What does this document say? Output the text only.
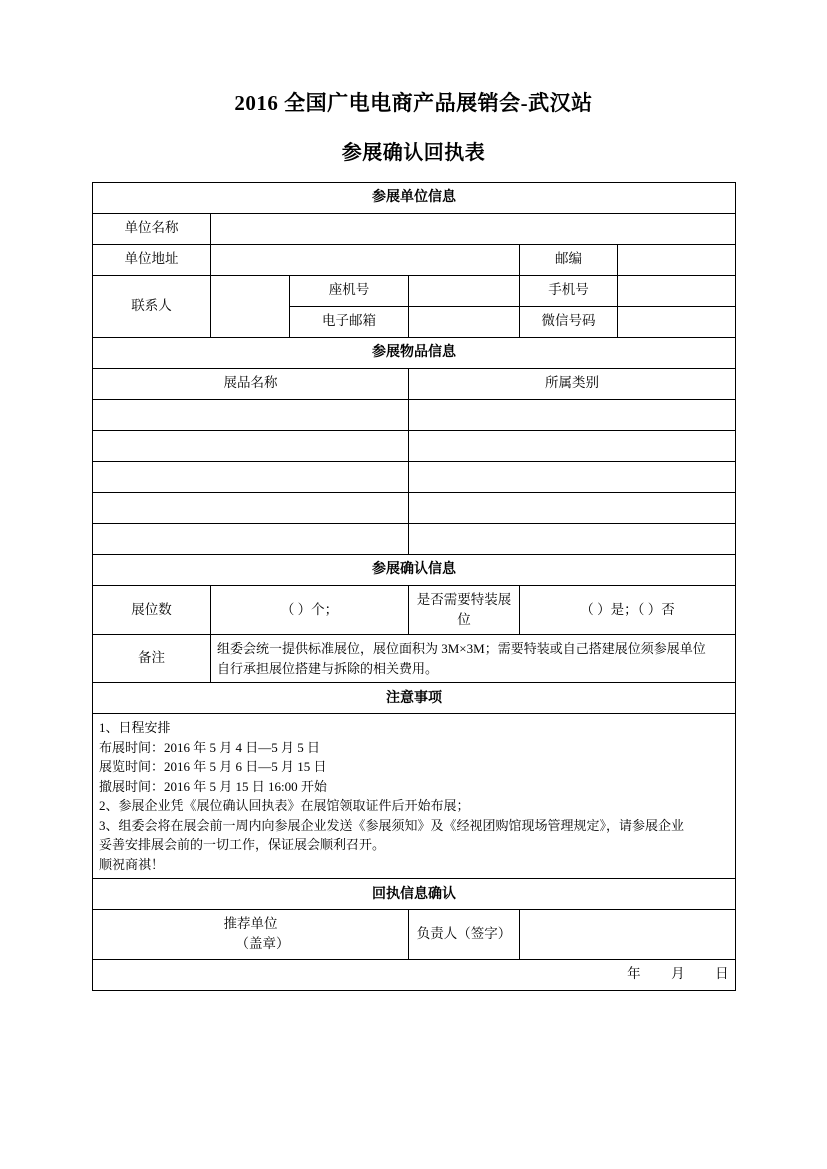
2016 全国广电电商产品展销会-武汉站
参展确认回执表
参展单位信息					
单位名称					
单位地址				邮编	
联系人		座机号		手机号	
		电子邮箱		微信号码	
参展物品信息					
展品名称			所属类别		

参展确认信息					
展位数	（ ）个；		是否需要特装展位	（ ）是；（ ）否	
备注	组委会统一提供标准展位，展位面积为 3M×3M；需要特装或自己搭建展位须参展单位
自行承担展位搭建与拆除的相关费用。				

注意事项					

1、日程安排
布展时间：2016 年 5 月 4 日—5 月 5 日
展览时间：2016 年 5 月 6 日—5 月 15 日
撤展时间：2016 年 5 月 15 日 16:00 开始
2、参展企业凭《展位确认回执表》在展馆领取证件后开始布展；
3、组委会将在展会前一周内向参展企业发送《参展须知》及《经视团购馆现场管理规定》，请参展企业
妥善安排展会前的一切工作，保证展会顺利召开。
顺祝商祺！

回执信息确认					
推荐单位
（盖章）			负责人（签字）		
年 月 日					
